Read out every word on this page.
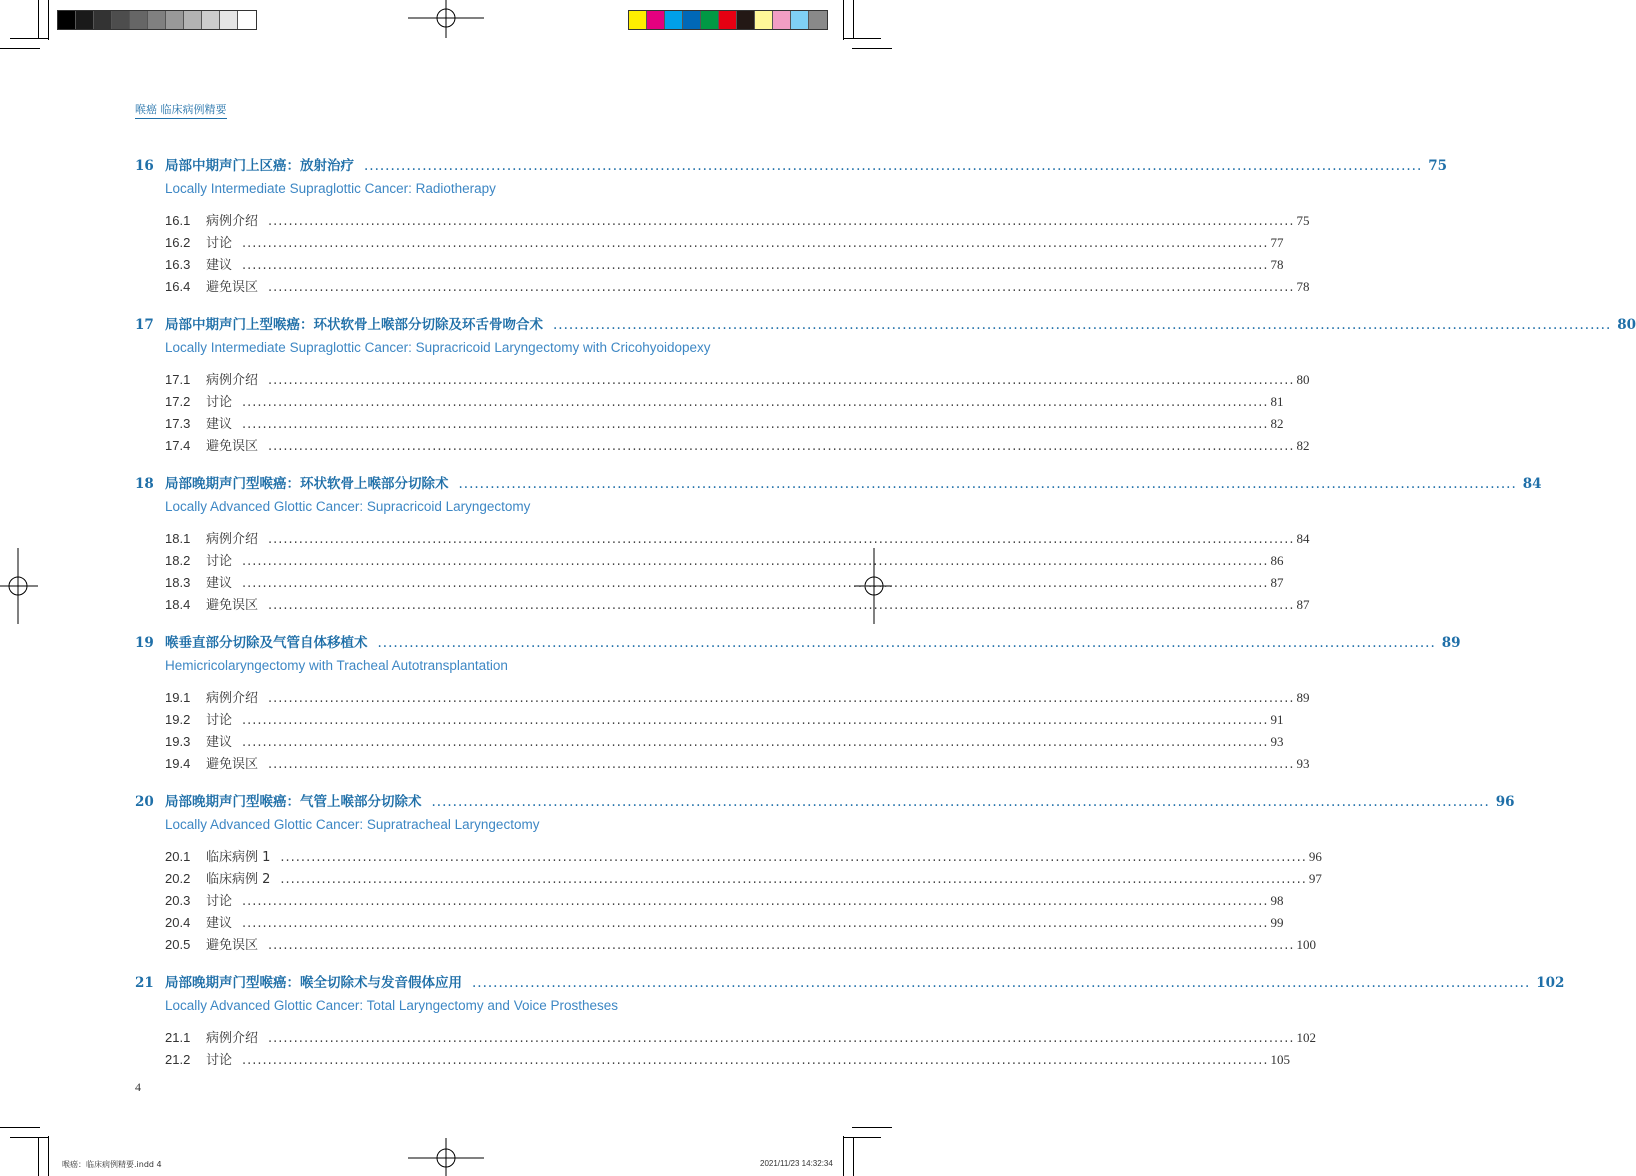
喉癌 临床病例精要
16 局部中期声门上区癌：放射治疗 ........................................................................................................................................................................................................ 75
Locally Intermediate Supraglottic Cancer: Radiotherapy
16.1	病例介绍 ........................................................................................................................................................................................................ 75
16.2	讨论 ........................................................................................................................................................................................................ 77
16.3	建议 ........................................................................................................................................................................................................ 78
16.4	避免误区 ........................................................................................................................................................................................................ 78
17 局部中期声门上型喉癌：环状软骨上喉部分切除及环舌骨吻合术 ........................................................................................................................................................................................................ 80
Locally Intermediate Supraglottic Cancer: Supracricoid Laryngectomy with Cricohyoidopexy
17.1	病例介绍 ........................................................................................................................................................................................................ 80
17.2	讨论 ........................................................................................................................................................................................................ 81
17.3	建议 ........................................................................................................................................................................................................ 82
17.4	避免误区 ........................................................................................................................................................................................................ 82
18 局部晚期声门型喉癌：环状软骨上喉部分切除术 ........................................................................................................................................................................................................ 84
Locally Advanced Glottic Cancer: Supracricoid Laryngectomy
18.1	病例介绍 ........................................................................................................................................................................................................ 84
18.2	讨论 ........................................................................................................................................................................................................ 86
18.3	建议 ........................................................................................................................................................................................................ 87
18.4	避免误区 ........................................................................................................................................................................................................ 87
19 喉垂直部分切除及气管自体移植术 ........................................................................................................................................................................................................ 89
Hemicricolaryngectomy with Tracheal Autotransplantation
19.1	病例介绍 ........................................................................................................................................................................................................ 89
19.2	讨论 ........................................................................................................................................................................................................ 91
19.3	建议 ........................................................................................................................................................................................................ 93
19.4	避免误区 ........................................................................................................................................................................................................ 93
20 局部晚期声门型喉癌：气管上喉部分切除术 ........................................................................................................................................................................................................ 96
Locally Advanced Glottic Cancer: Supratracheal Laryngectomy
20.1	临床病例 1 ........................................................................................................................................................................................................ 96
20.2	临床病例 2 ........................................................................................................................................................................................................ 97
20.3	讨论 ........................................................................................................................................................................................................ 98
20.4	建议 ........................................................................................................................................................................................................ 99
20.5	避免误区 ........................................................................................................................................................................................................ 100
21 局部晚期声门型喉癌：喉全切除术与发音假体应用 ........................................................................................................................................................................................................ 102
Locally Advanced Glottic Cancer: Total Laryngectomy and Voice Prostheses
21.1	病例介绍 ........................................................................................................................................................................................................ 102
21.2	讨论 ........................................................................................................................................................................................................ 105
4
喉癌：临床病例精要.indd 4	2021/11/23 14:32:34
